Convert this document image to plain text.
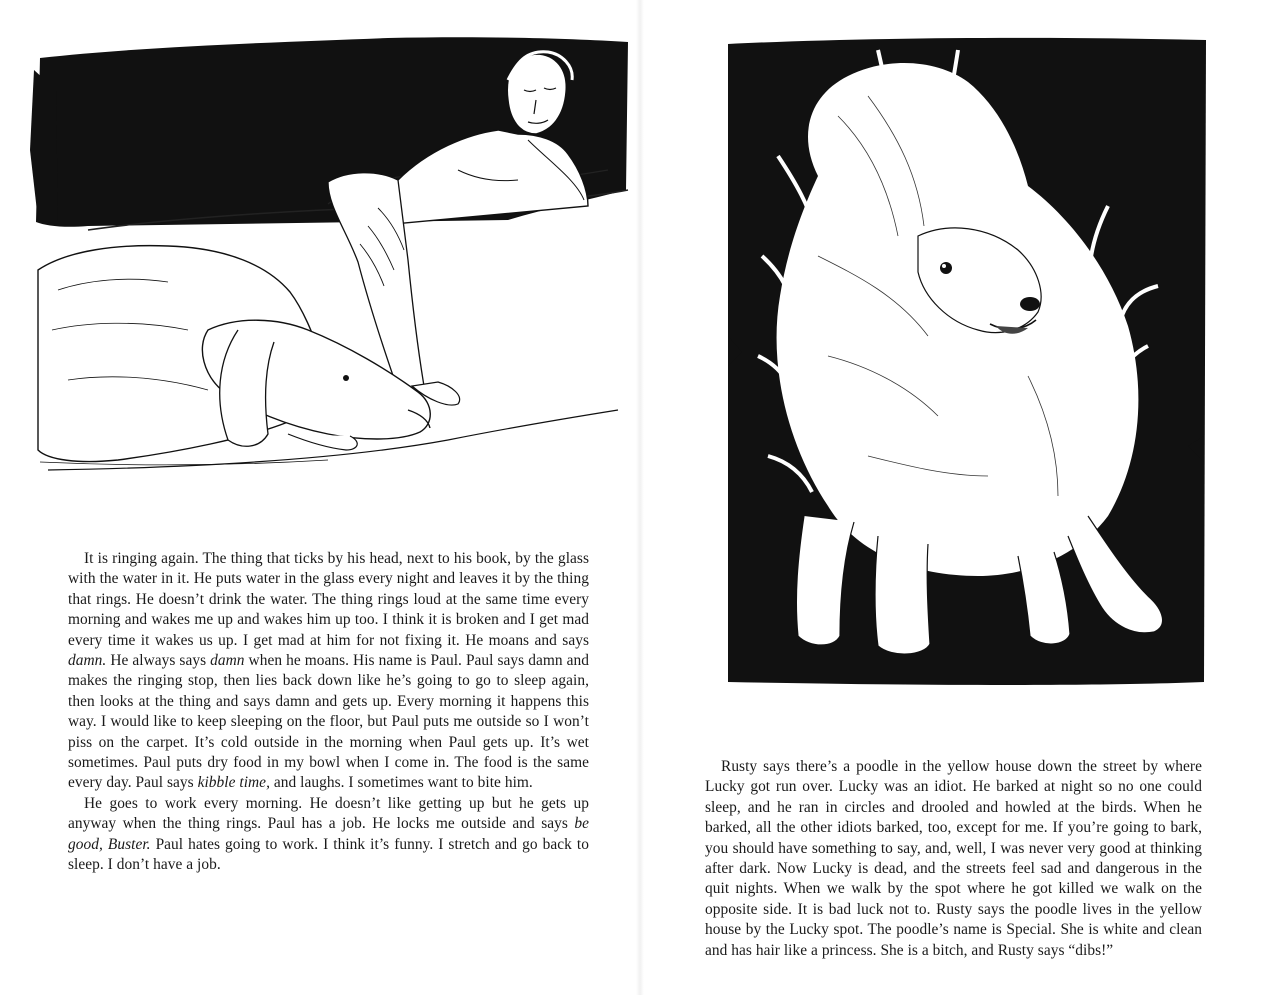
It is ringing again. The thing that ticks by his head, next to his book, by the glass with the water in it. He puts water in the glass every night and leaves it by the thing that rings. He doesn’t drink the water. The thing rings loud at the same time every morning and wakes me up and wakes him up too. I think it is broken and I get mad every time it wakes us up. I get mad at him for not fixing it. He moans and says damn. He always says damn when he moans. His name is Paul. Paul says damn and makes the ringing stop, then lies back down like he’s going to go to sleep again, then looks at the thing and says damn and gets up. Every morning it happens this way. I would like to keep sleeping on the floor, but Paul puts me outside so I won’t piss on the carpet. It’s cold outside in the morning when Paul gets up. It’s wet sometimes. Paul puts dry food in my bowl when I come in. The food is the same every day. Paul says kibble time, and laughs. I sometimes want to bite him.

He goes to work every morning. He doesn’t like getting up but he gets up anyway when the thing rings. Paul has a job. He locks me outside and says be good, Buster. Paul hates going to work. I think it’s funny. I stretch and go back to sleep. I don’t have a job.

Rusty says there’s a poodle in the yellow house down the street by where Lucky got run over. Lucky was an idiot. He barked at night so no one could sleep, and he ran in circles and drooled and howled at the birds. When he barked, all the other idiots barked, too, except for me. If you’re going to bark, you should have something to say, and, well, I was never very good at thinking after dark. Now Lucky is dead, and the streets feel sad and dangerous in the quit nights. When we walk by the spot where he got killed we walk on the opposite side. It is bad luck not to. Rusty says the poodle lives in the yellow house by the Lucky spot. The poodle’s name is Special. She is white and clean and has hair like a princess. She is a bitch, and Rusty says “dibs!”
